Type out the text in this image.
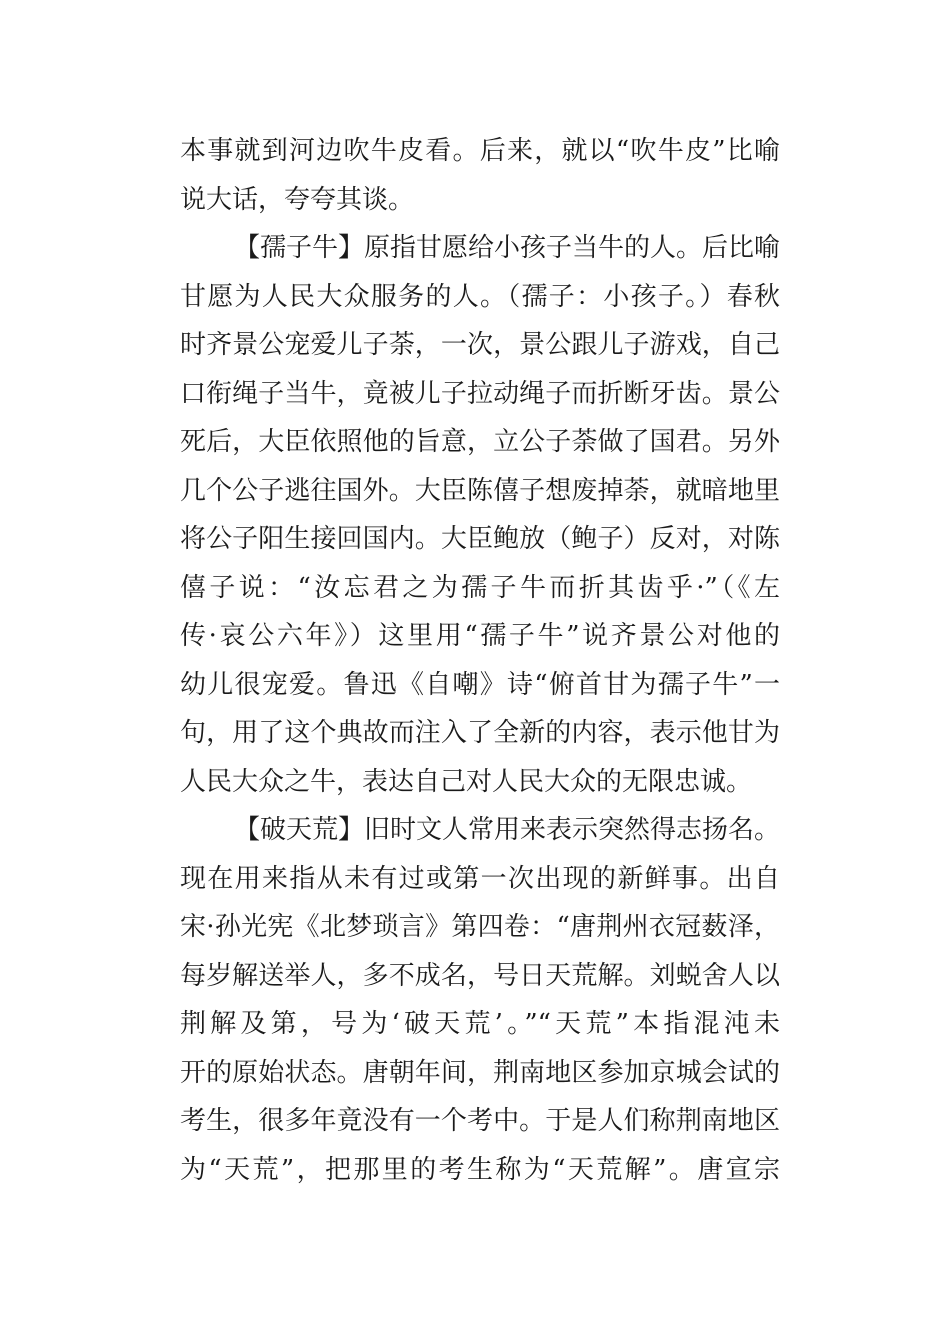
本事就到河边吹牛皮看。后来，就以“吹牛皮”比喻
说大话，夸夸其谈。
【孺子牛】原指甘愿给小孩子当牛的人。后比喻
甘愿为人民大众服务的人。（孺子：小孩子。）春秋
时齐景公宠爱儿子荼，一次，景公跟儿子游戏，自己
口衔绳子当牛，竟被儿子拉动绳子而折断牙齿。景公
死后，大臣依照他的旨意，立公子荼做了国君。另外
几个公子逃往国外。大臣陈僖子想废掉荼，就暗地里
将公子阳生接回国内。大臣鲍放（鲍子）反对，对陈
僖子说：“汝忘君之为孺子牛而折其齿乎·”（《左
传·哀公六年》）这里用“孺子牛”说齐景公对他的
幼儿很宠爱。鲁迅《自嘲》诗“俯首甘为孺子牛”一
句，用了这个典故而注入了全新的内容，表示他甘为
人民大众之牛，表达自己对人民大众的无限忠诚。
【破天荒】旧时文人常用来表示突然得志扬名。
现在用来指从未有过或第一次出现的新鲜事。出自
宋·孙光宪《北梦琐言》第四卷：“唐荆州衣冠薮泽，
每岁解送举人，多不成名，号日天荒解。刘蜕舍人以
荆解及第，号为‘破天荒’。”“天荒”本指混沌未
开的原始状态。唐朝年间，荆南地区参加京城会试的
考生，很多年竟没有一个考中。于是人们称荆南地区
为“天荒”，把那里的考生称为“天荒解”。唐宣宗
